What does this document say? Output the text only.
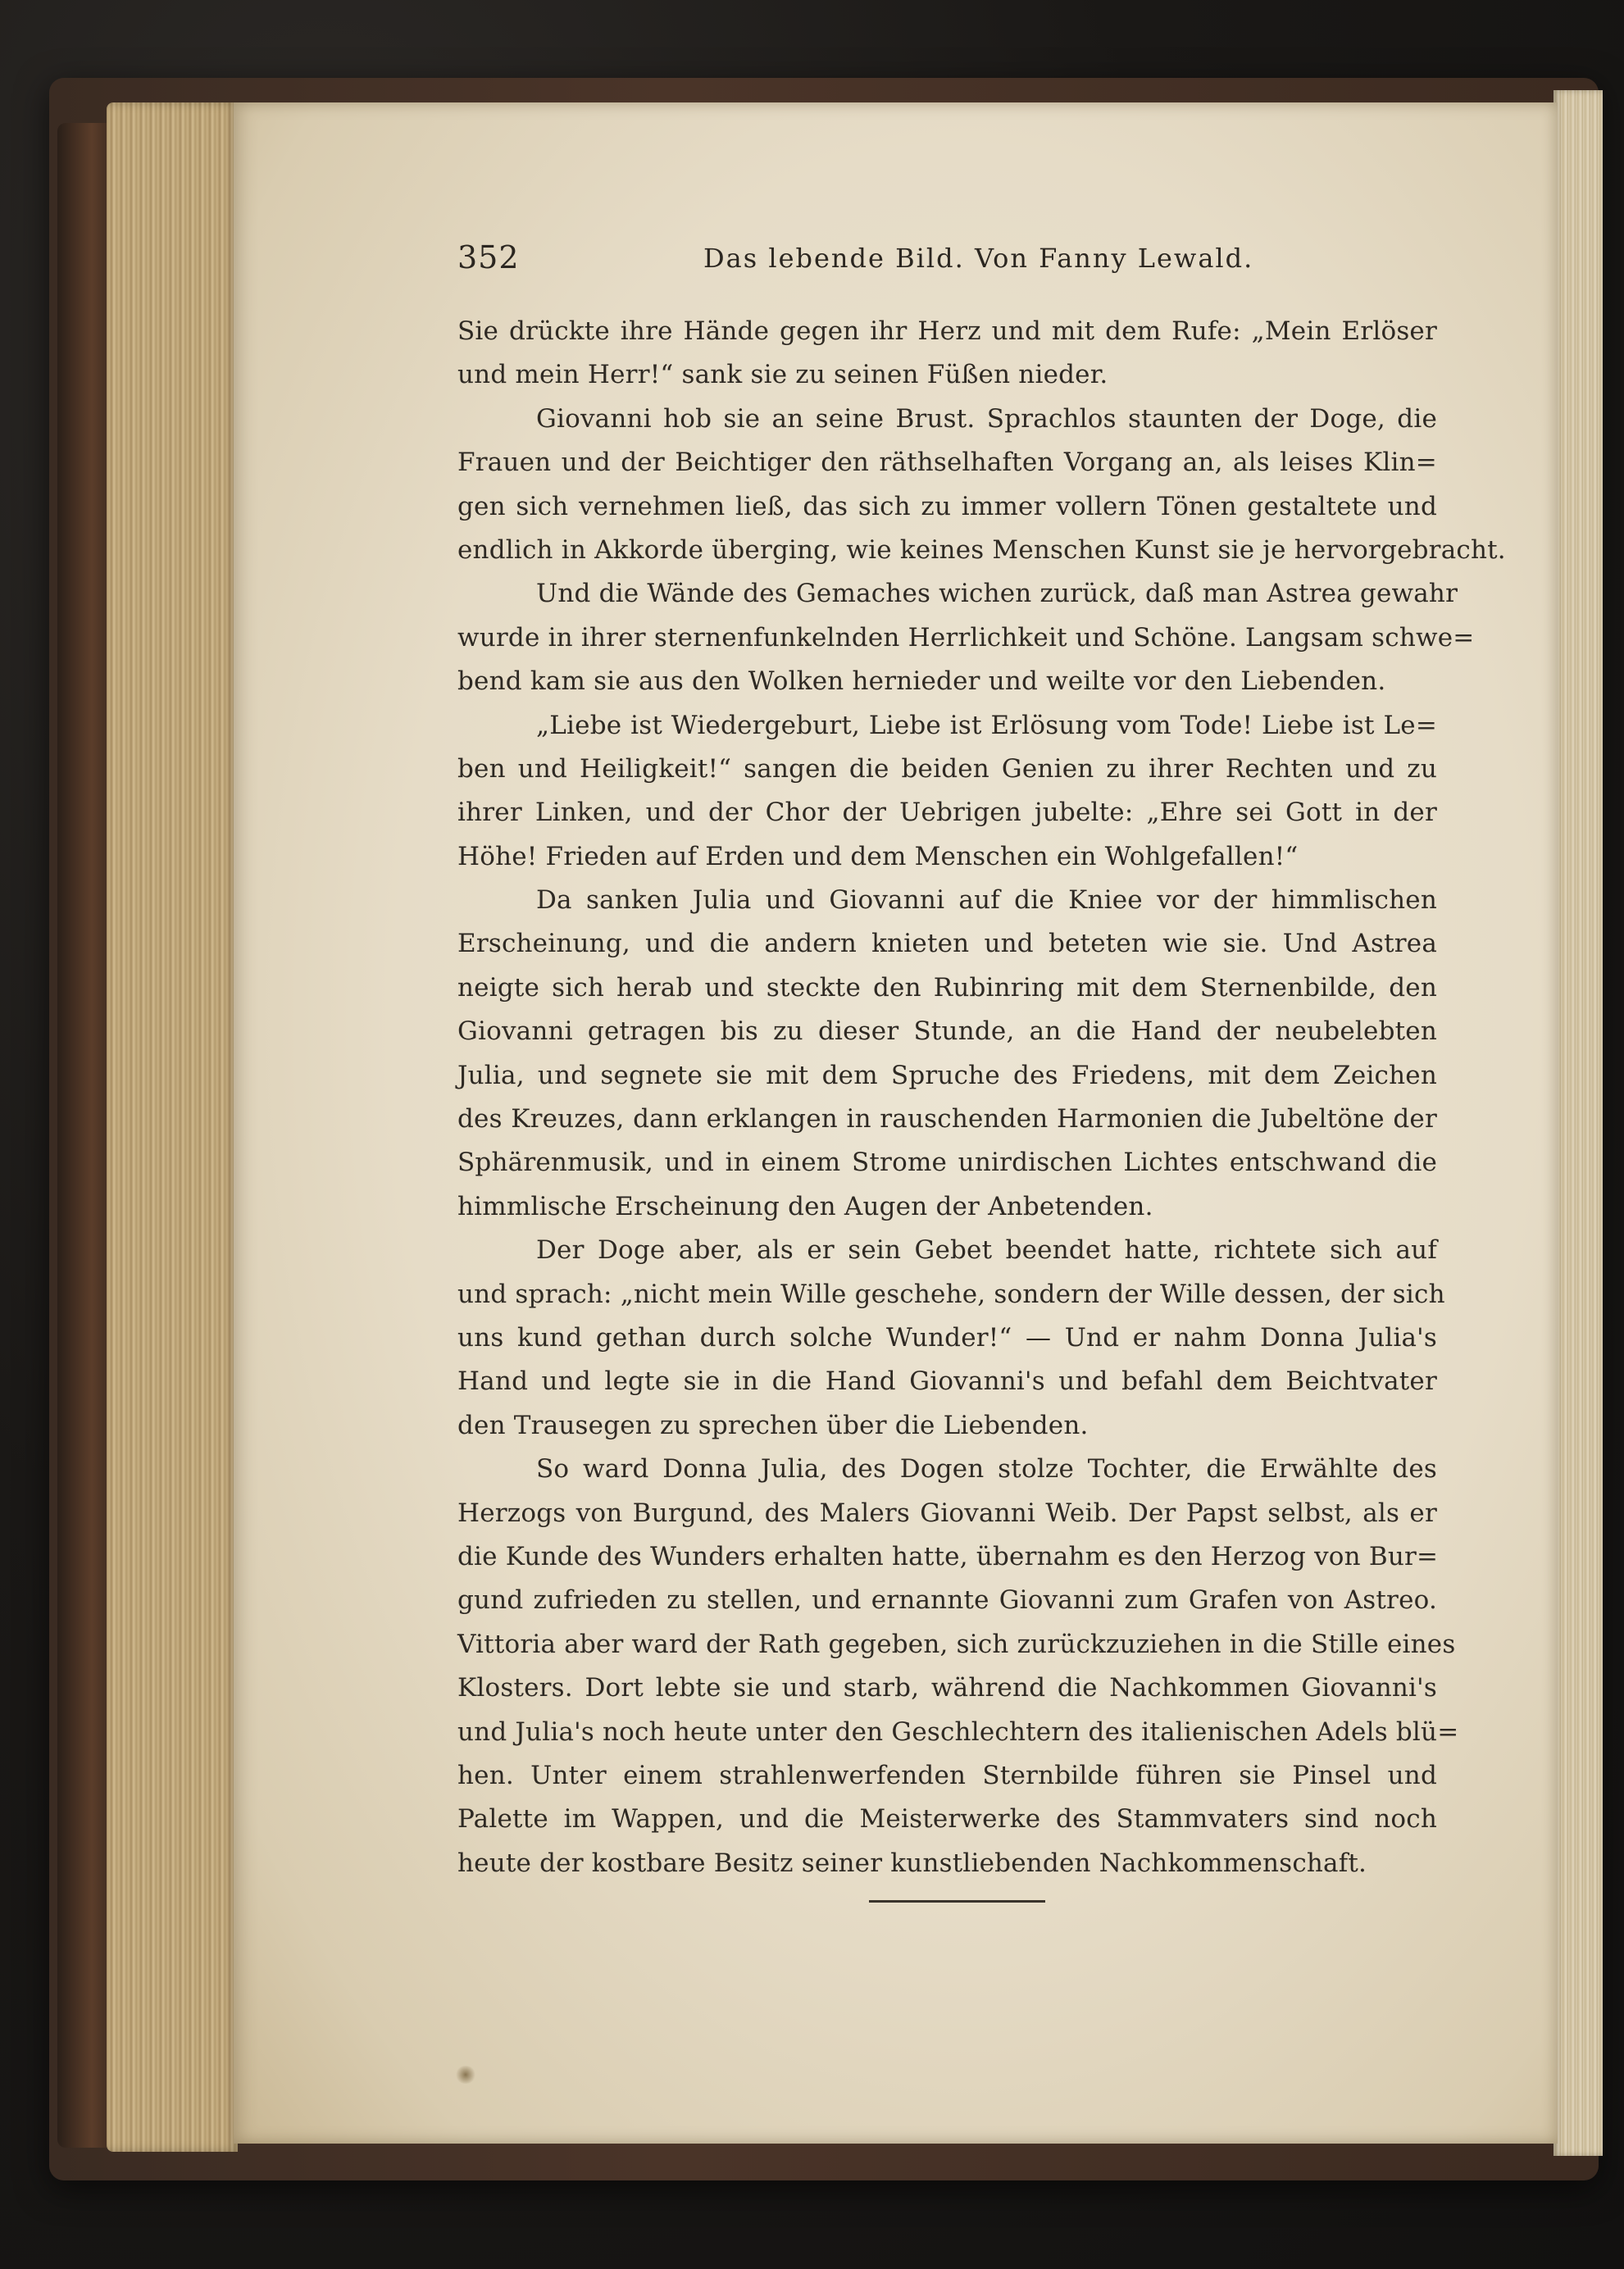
352	Das lebende Bild. Von Fanny Lewald.
Sie drückte ihre Hände gegen ihr Herz und mit dem Rufe: „Mein Erlöser
und mein Herr!“ sank sie zu seinen Füßen nieder.
Giovanni hob sie an seine Brust. Sprachlos staunten der Doge, die
Frauen und der Beichtiger den räthselhaften Vorgang an, als leises Klin=
gen sich vernehmen ließ, das sich zu immer vollern Tönen gestaltete und
endlich in Akkorde überging, wie keines Menschen Kunst sie je hervorgebracht.
Und die Wände des Gemaches wichen zurück, daß man Astrea gewahr
wurde in ihrer sternenfunkelnden Herrlichkeit und Schöne. Langsam schwe=
bend kam sie aus den Wolken hernieder und weilte vor den Liebenden.
„Liebe ist Wiedergeburt, Liebe ist Erlösung vom Tode! Liebe ist Le=
ben und Heiligkeit!“ sangen die beiden Genien zu ihrer Rechten und zu
ihrer Linken, und der Chor der Uebrigen jubelte: „Ehre sei Gott in der
Höhe! Frieden auf Erden und dem Menschen ein Wohlgefallen!“
Da sanken Julia und Giovanni auf die Kniee vor der himmlischen
Erscheinung, und die andern knieten und beteten wie sie. Und Astrea
neigte sich herab und steckte den Rubinring mit dem Sternenbilde, den
Giovanni getragen bis zu dieser Stunde, an die Hand der neubelebten
Julia, und segnete sie mit dem Spruche des Friedens, mit dem Zeichen
des Kreuzes, dann erklangen in rauschenden Harmonien die Jubeltöne der
Sphärenmusik, und in einem Strome unirdischen Lichtes entschwand die
himmlische Erscheinung den Augen der Anbetenden.
Der Doge aber, als er sein Gebet beendet hatte, richtete sich auf
und sprach: „nicht mein Wille geschehe, sondern der Wille dessen, der sich
uns kund gethan durch solche Wunder!“ — Und er nahm Donna Julia's
Hand und legte sie in die Hand Giovanni's und befahl dem Beichtvater
den Trausegen zu sprechen über die Liebenden.
So ward Donna Julia, des Dogen stolze Tochter, die Erwählte des
Herzogs von Burgund, des Malers Giovanni Weib. Der Papst selbst, als er
die Kunde des Wunders erhalten hatte, übernahm es den Herzog von Bur=
gund zufrieden zu stellen, und ernannte Giovanni zum Grafen von Astreo.
Vittoria aber ward der Rath gegeben, sich zurückzuziehen in die Stille eines
Klosters. Dort lebte sie und starb, während die Nachkommen Giovanni's
und Julia's noch heute unter den Geschlechtern des italienischen Adels blü=
hen. Unter einem strahlenwerfenden Sternbilde führen sie Pinsel und
Palette im Wappen, und die Meisterwerke des Stammvaters sind noch
heute der kostbare Besitz seiner kunstliebenden Nachkommenschaft.
